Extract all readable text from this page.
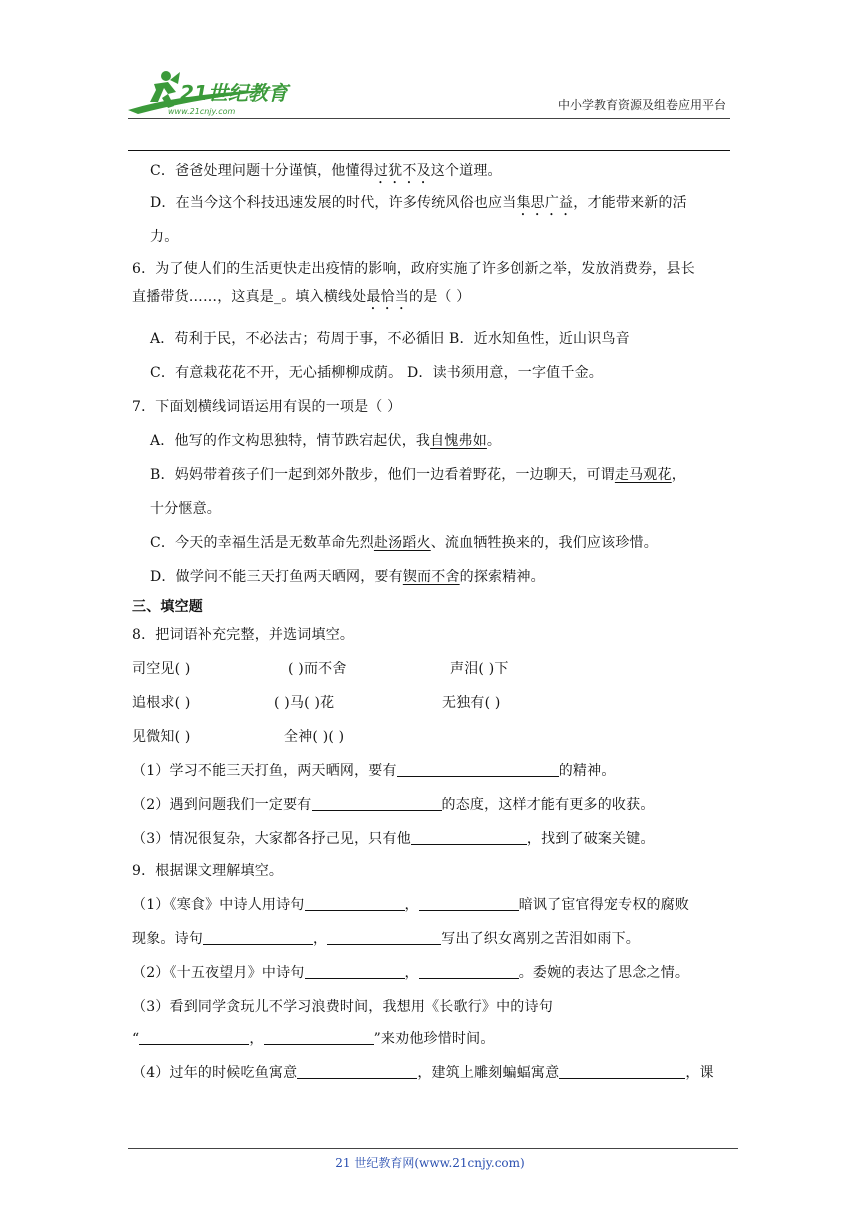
21世纪教育
www.21cnjy.com	中小学教育资源及组卷应用平台
C．爸爸处理问题十分谨慎，他懂得过犹不及这个道理。
D．在当今这个科技迅速发展的时代，许多传统风俗也应当集思广益，才能带来新的活
力。
6．为了使人们的生活更快走出疫情的影响，政府实施了许多创新之举，发放消费券，县长
直播带货……，这真是_。填入横线处最恰当的是（ ）
A．苟利于民，不必法古；苟周于事，不必循旧 B．近水知鱼性，近山识鸟音
C．有意栽花花不开，无心插柳柳成荫。 D．读书须用意，一字值千金。
7．下面划横线词语运用有误的一项是（ ）
A．他写的作文构思独特，情节跌宕起伏，我自愧弗如。
B．妈妈带着孩子们一起到郊外散步，他们一边看着野花，一边聊天，可谓走马观花，
十分惬意。
C．今天的幸福生活是无数革命先烈赴汤蹈火、流血牺牲换来的，我们应该珍惜。
D．做学问不能三天打鱼两天晒网，要有锲而不舍的探索精神。
三、填空题
8．把词语补充完整，并选词填空。
司空见( )	( )而不舍	声泪( )下
追根求( )	( )马( )花	无独有( )
见微知( )	全神( )( )
（1）学习不能三天打鱼，两天晒网，要有	的精神。
（2）遇到问题我们一定要有	的态度，这样才能有更多的收获。
（3）情况很复杂，大家都各抒己见，只有他	，找到了破案关键。
9．根据课文理解填空。
（1）《寒食》中诗人用诗句	，	暗讽了宦官得宠专权的腐败
现象。诗句	，	写出了织女离别之苦泪如雨下。
（2）《十五夜望月》中诗句	，	。委婉的表达了思念之情。
（3）看到同学贪玩儿不学习浪费时间，我想用《长歌行》中的诗句
“	，	”来劝他珍惜时间。
（4）过年的时候吃鱼寓意	，建筑上雕刻蝙蝠寓意	，课
21 世纪教育网(www.21cnjy.com)
